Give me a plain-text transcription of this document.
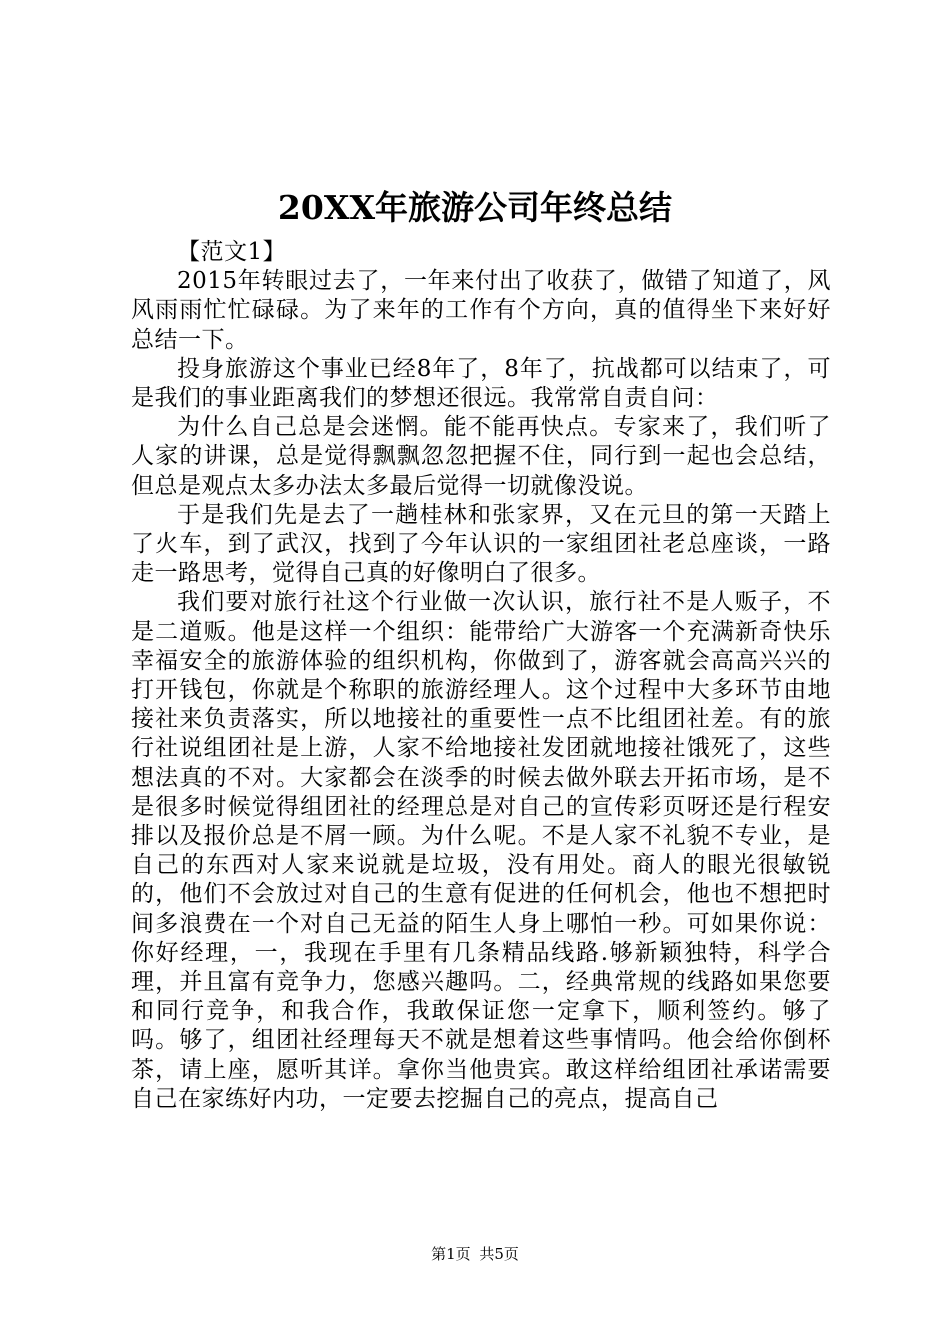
20XX年旅游公司年终总结

【范文1】

2015年转眼过去了，一年来付出了收获了，做错了知道了，风风雨雨忙忙碌碌。为了来年的工作有个方向，真的值得坐下来好好总结一下。

投身旅游这个事业已经8年了，8年了，抗战都可以结束了，可是我们的事业距离我们的梦想还很远。我常常自责自问：

为什么自己总是会迷惘。能不能再快点。专家来了，我们听了人家的讲课，总是觉得飘飘忽忽把握不住，同行到一起也会总结，但总是观点太多办法太多最后觉得一切就像没说。

于是我们先是去了一趟桂林和张家界，又在元旦的第一天踏上了火车，到了武汉，找到了今年认识的一家组团社老总座谈，一路走一路思考，觉得自己真的好像明白了很多。

我们要对旅行社这个行业做一次认识，旅行社不是人贩子，不是二道贩。他是这样一个组织：能带给广大游客一个充满新奇快乐幸福安全的旅游体验的组织机构，你做到了，游客就会高高兴兴的打开钱包，你就是个称职的旅游经理人。这个过程中大多环节由地接社来负责落实，所以地接社的重要性一点不比组团社差。有的旅行社说组团社是上游，人家不给地接社发团就地接社饿死了，这些想法真的不对。大家都会在淡季的时候去做外联去开拓市场，是不是很多时候觉得组团社的经理总是对自己的宣传彩页呀还是行程安排以及报价总是不屑一顾。为什么呢。不是人家不礼貌不专业，是自己的东西对人家来说就是垃圾，没有用处。商人的眼光很敏锐的，他们不会放过对自己的生意有促进的任何机会，他也不想把时间多浪费在一个对自己无益的陌生人身上哪怕一秒。可如果你说：你好经理，一，我现在手里有几条精品线路.够新颖独特，科学合理，并且富有竞争力，您感兴趣吗。二，经典常规的线路如果您要和同行竞争，和我合作，我敢保证您一定拿下，顺利签约。够了吗。够了，组团社经理每天不就是想着这些事情吗。他会给你倒杯茶，请上座，愿听其详。拿你当他贵宾。敢这样给组团社承诺需要自己在家练好内功，一定要去挖掘自己的亮点，提高自己

第1页 共5页
